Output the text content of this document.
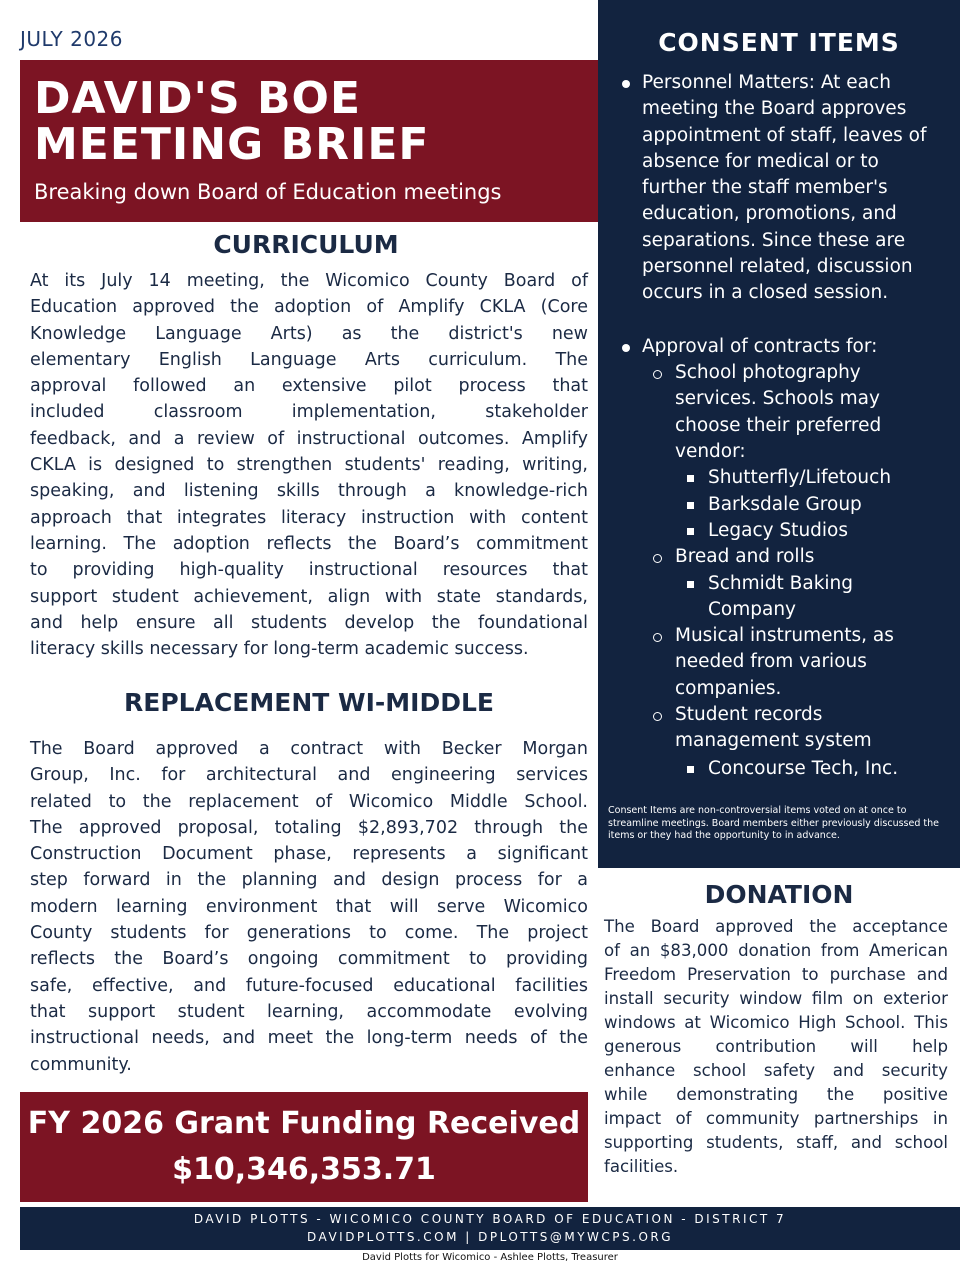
JULY 2026
DAVID'S BOE
MEETING BRIEF
Breaking down Board of Education meetings
CURRICULUM
At its July 14 meeting, the Wicomico County Board of
Education approved the adoption of Amplify CKLA (Core
Knowledge Language Arts) as the district's new
elementary English Language Arts curriculum. The
approval followed an extensive pilot process that
included classroom implementation, stakeholder
feedback, and a review of instructional outcomes. Amplify
CKLA is designed to strengthen students' reading, writing,
speaking, and listening skills through a knowledge-rich
approach that integrates literacy instruction with content
learning. The adoption reflects the Board’s commitment
to providing high-quality instructional resources that
support student achievement, align with state standards,
and help ensure all students develop the foundational
literacy skills necessary for long-term academic success.
REPLACEMENT WI-MIDDLE
The Board approved a contract with Becker Morgan
Group, Inc. for architectural and engineering services
related to the replacement of Wicomico Middle School.
The approved proposal, totaling $2,893,702 through the
Construction Document phase, represents a significant
step forward in the planning and design process for a
modern learning environment that will serve Wicomico
County students for generations to come. The project
reflects the Board’s ongoing commitment to providing
safe, effective, and future-focused educational facilities
that support student learning, accommodate evolving
instructional needs, and meet the long-term needs of the
community.
CONSENT ITEMS
Personnel Matters: At each
meeting the Board approves
appointment of staff, leaves of
absence for medical or to
further the staff member's
education, promotions, and
separations. Since these are
personnel related, discussion
occurs in a closed session.
Approval of contracts for:
School photography
services. Schools may
choose their preferred
vendor:
Shutterfly/Lifetouch
Barksdale Group
Legacy Studios
Bread and rolls
Schmidt Baking
Company
Musical instruments, as
needed from various
companies.
Student records
management system
Concourse Tech, Inc.
Consent Items are non-controversial items voted on at once to
streamline meetings. Board members either previously discussed the
items or they had the opportunity to in advance.
DONATION
The Board approved the acceptance
of an $83,000 donation from American
Freedom Preservation to purchase and
install security window film on exterior
windows at Wicomico High School. This
generous contribution will help
enhance school safety and security
while demonstrating the positive
impact of community partnerships in
supporting students, staff, and school
facilities.
FY 2026 Grant Funding Received
$10,346,353.71
DAVID PLOTTS - WICOMICO COUNTY BOARD OF EDUCATION - DISTRICT 7
DAVIDPLOTTS.COM | DPLOTTS@MYWCPS.ORG
David Plotts for Wicomico - Ashlee Plotts, Treasurer
